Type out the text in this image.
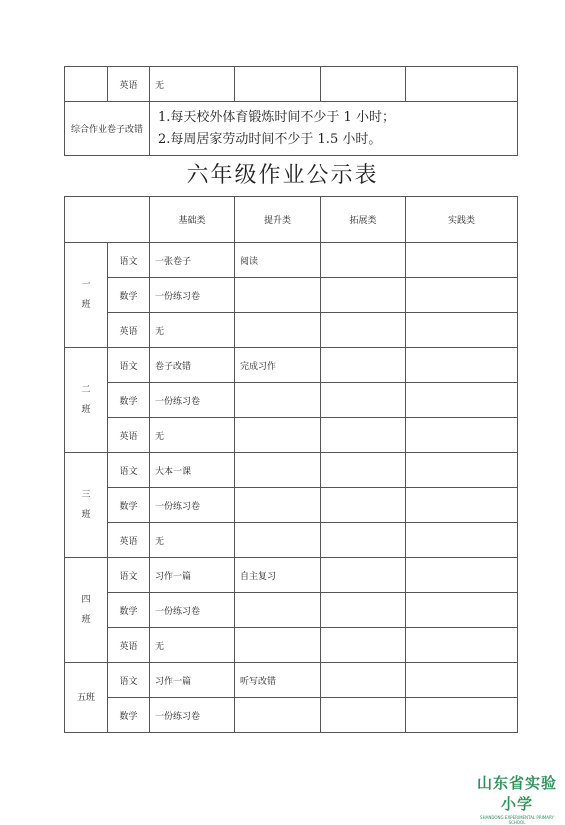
	英语	无			
综合作业卷子改错		1.每天校外体育锻炼时间不少于 1 小时；
2.每周居家劳动时间不少于 1.5 小时。			
六年级作业公示表
		基础类	提升类	拓展类	实践类

一
班	语文	一张卷子	阅读		
	数学	一份练习卷			
	英语	无			

二
班	语文	卷子改错	完成习作		
	数学	一份练习卷			
	英语	无			

三
班	语文	大本一课			
	数学	一份练习卷			
	英语	无			

四
班	语文	习作一篇	自主复习		
	数学	一份练习卷			
	英语	无			

五班	语文	习作一篇	听写改错		
	数学	一份练习卷			
山东省实验小学
SHANDONG EXPERIMENTAL PRIMARY SCHOOL
